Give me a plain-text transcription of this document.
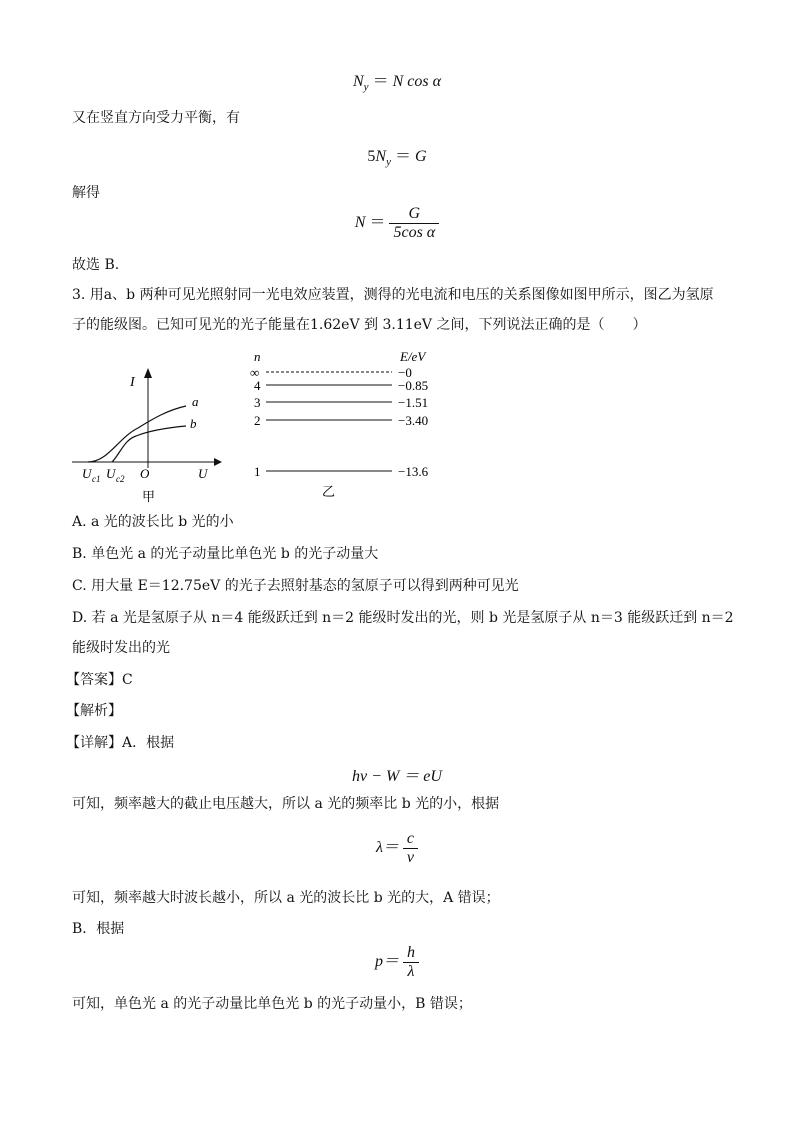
$N_y = N$ cos α
又在竖直方向受力平衡，有
$5N_y = G$
解得
$N = \frac{G}{\text{5cos α}}$
故选 B.
3. 用a、b 两种可见光照射同一光电效应装置，测得的光电流和电压的关系图像如图甲所示，图乙为氢原
子的能级图。已知可见光的光子能量在1.62eV 到 3.11eV 之间，下列说法正确的是（　　）
I
a
b
U c1 U c2 O	U
甲
n	E/eV
∞	−0
4	−0.85
3	−1.51
2	−3.40
1	−13.6
乙
A. a 光的波长比 b 光的小
B. 单色光 a 的光子动量比单色光 b 的光子动量大
C. 用大量 E＝12.75eV 的光子去照射基态的氢原子可以得到两种可见光
D. 若 a 光是氢原子从 n＝4 能级跃迁到 n＝2 能级时发出的光，则 b 光是氢原子从 n＝3 能级跃迁到 n＝2
能级时发出的光
【答案】C
【解析】
【详解】A．根据
hν − W ＝ eU
可知，频率越大的截止电压越大，所以 a 光的频率比 b 光的小，根据
$\lambda= \frac{c}{\nu}$
可知，频率越大时波长越小，所以 a 光的波长比 b 光的大，A 错误；
B．根据
$p= \frac{h}{\lambda}$
可知，单色光 a 的光子动量比单色光 b 的光子动量小，B 错误；
